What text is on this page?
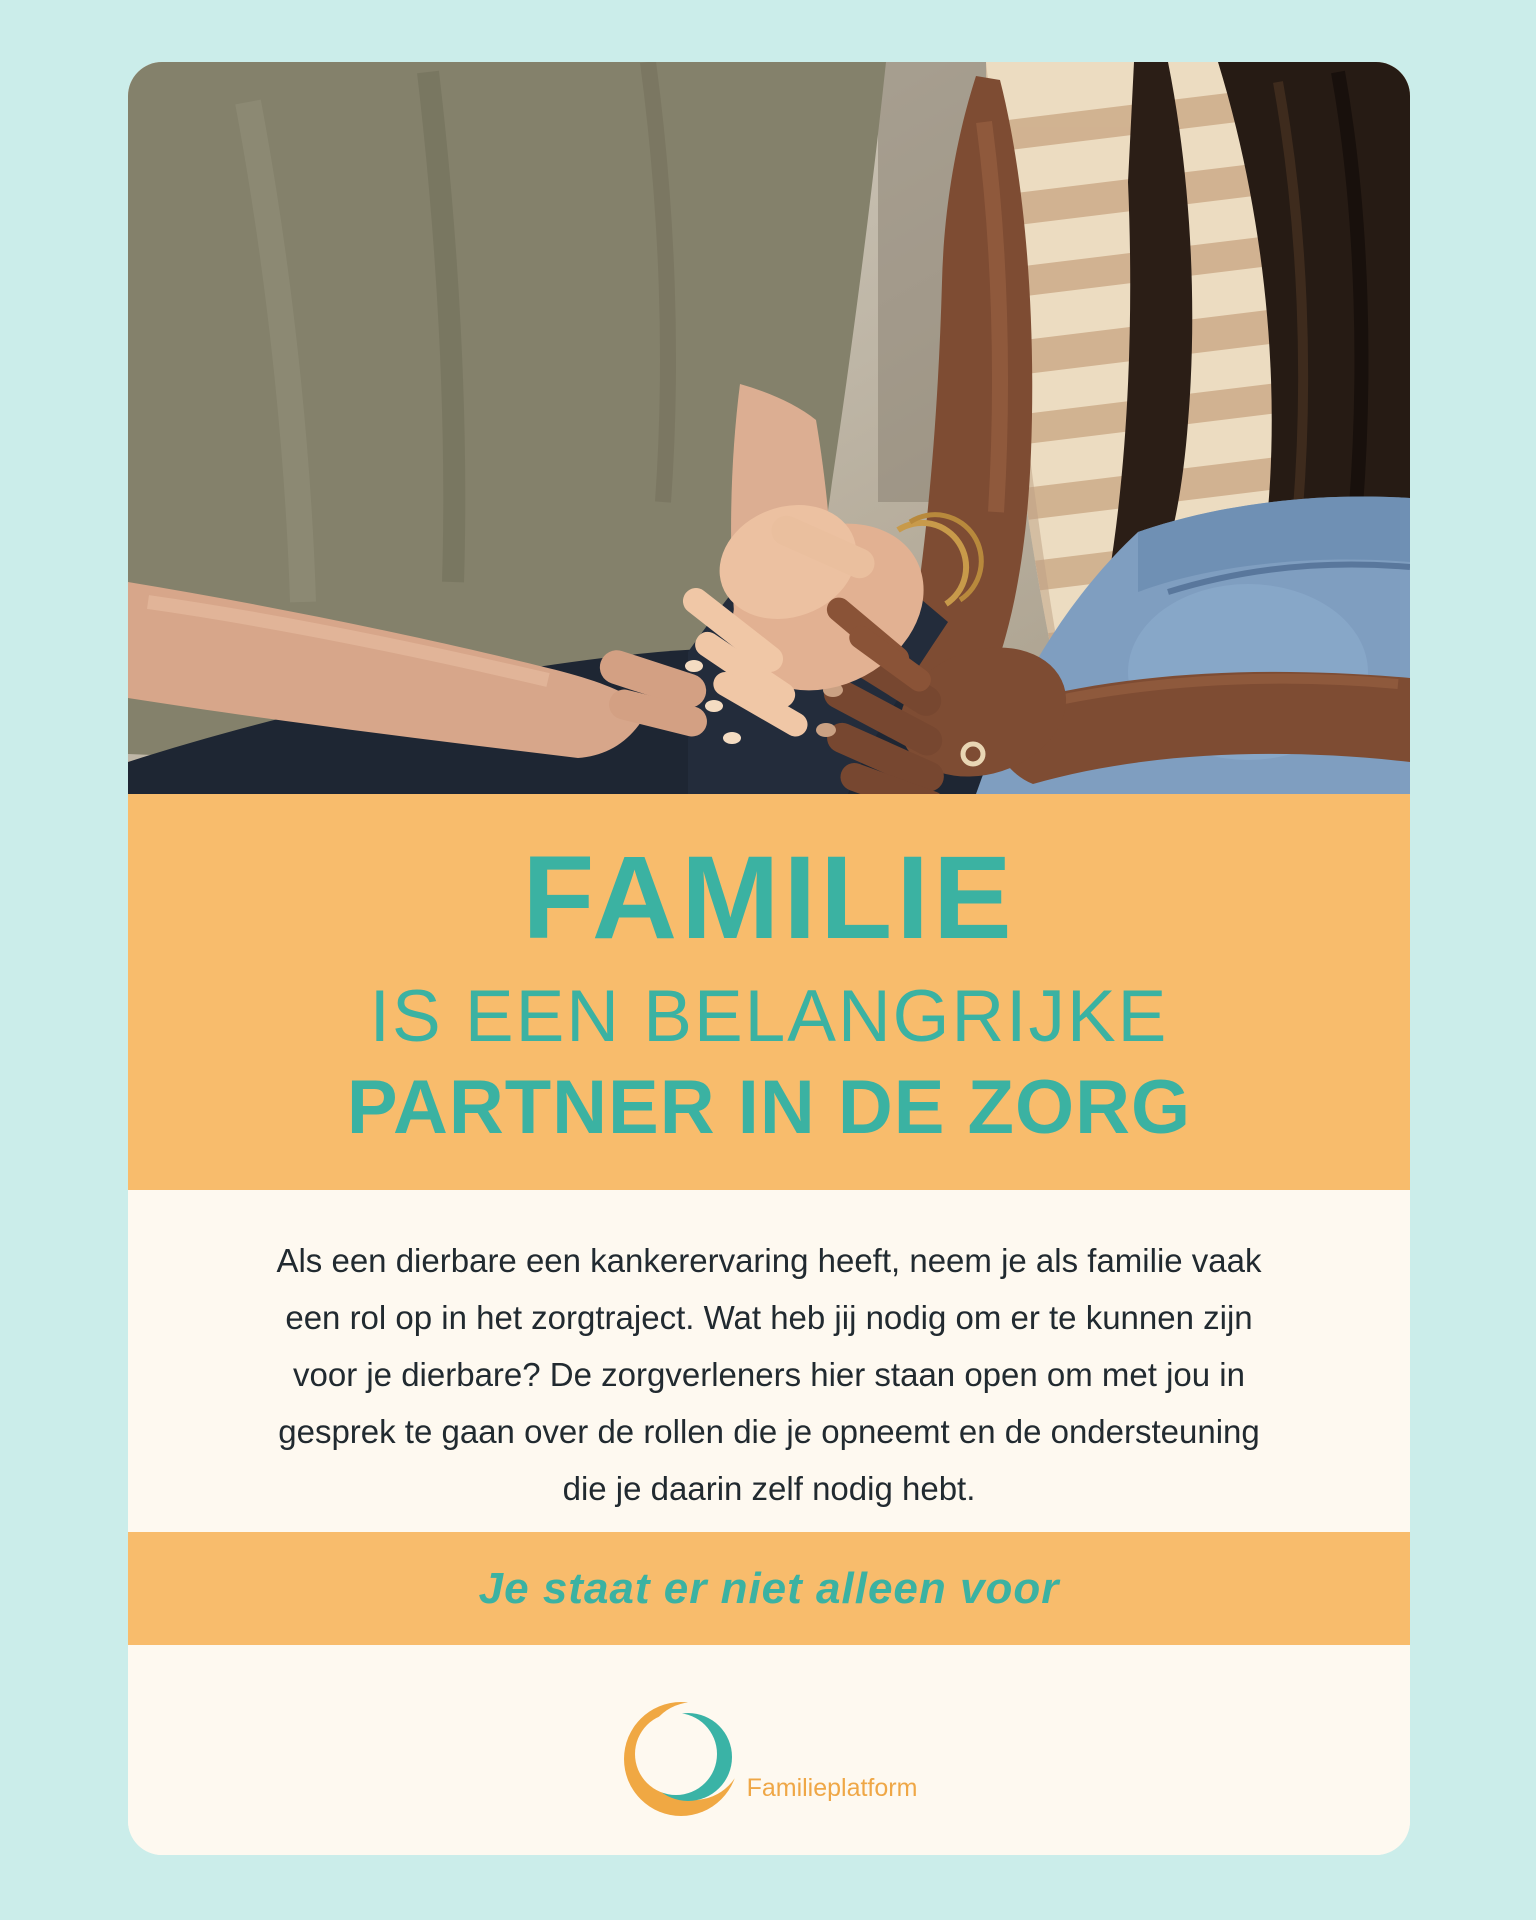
FAMILIE
IS EEN BELANGRIJKE
PARTNER IN DE ZORG
Als een dierbare een kankerervaring heeft, neem je als familie vaak
een rol op in het zorgtraject. Wat heb jij nodig om er te kunnen zijn
voor je dierbare? De zorgverleners hier staan open om met jou in
gesprek te gaan over de rollen die je opneemt en de ondersteuning
die je daarin zelf nodig hebt.
Je staat er niet alleen voor
Familieplatform
